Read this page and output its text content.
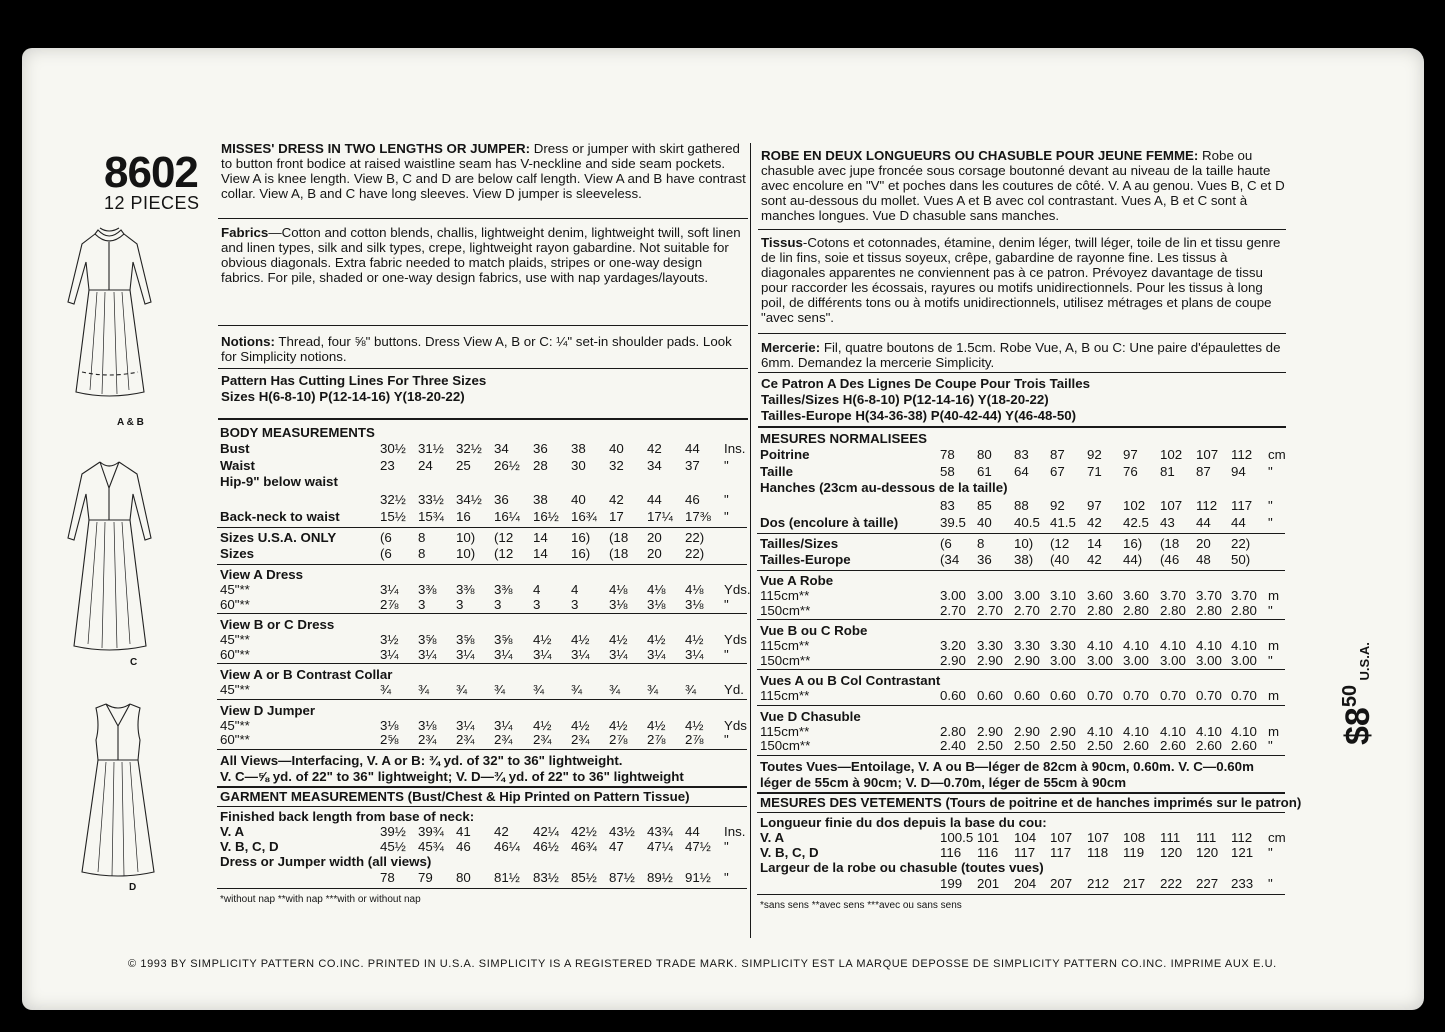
8602
12 PIECES
A & B
C
D
MISSES' DRESS IN TWO LENGTHS OR JUMPER: Dress or jumper with skirt gathered to button front bodice at raised waistline seam has V-neckline and side seam pockets. View A is knee length. View B, C and D are below calf length. View A and B have contrast collar. View A, B and C have long sleeves. View D jumper is sleeveless.
Fabrics—Cotton and cotton blends, challis, lightweight denim, lightweight twill, soft linen and linen types, silk and silk types, crepe, lightweight rayon gabardine. Not suitable for obvious diagonals. Extra fabric needed to match plaids, stripes or one-way design fabrics. For pile, shaded or one-way design fabrics, use with nap yardages/layouts.
Notions: Thread, four ⅝" buttons. Dress View A, B or C: ¼" set-in shoulder pads. Look for Simplicity notions.
Pattern Has Cutting Lines For Three Sizes
Sizes H(6-8-10) P(12-14-16) Y(18-20-22)
BODY MEASUREMENTS
Bust	30½ 31½ 32½ 34 36 38 40 42 44 Ins.
Waist	23 24 25 26½ 28 30 32 34 37 "
Hip-9" below waist
32½ 33½ 34½ 36 38 40 42 44 46 "
Back-neck to waist	15½ 15¾ 16 16¼ 16½ 16¾ 17 17¼ 17⅜ "
Sizes U.S.A. ONLY	(6 8 10) (12 14 16) (18 20 22)
Sizes	(6 8 10) (12 14 16) (18 20 22)
View A Dress
45"**	3¼ 3⅜ 3⅜ 3⅜ 4 4 4⅛ 4⅛ 4⅛ Yds.
60"**	2⅞ 3 3 3 3 3 3⅛ 3⅛ 3⅛ "
View B or C Dress
45"**	3½ 3⅝ 3⅝ 3⅝ 4½ 4½ 4½ 4½ 4½ Yds
60"**	3¼ 3¼ 3¼ 3¼ 3¼ 3¼ 3¼ 3¼ 3¼ "
View A or B Contrast Collar
45"**	¾ ¾ ¾ ¾ ¾ ¾ ¾ ¾ ¾ Yd.
View D Jumper
45"**	3⅛ 3⅛ 3¼ 3¼ 4½ 4½ 4½ 4½ 4½ Yds
60"**	2⅝ 2¾ 2¾ 2¾ 2¾ 2¾ 2⅞ 2⅞ 2⅞ "
All Views—Interfacing, V. A or B: ¾ yd. of 32" to 36" lightweight.
V. C—⅝ yd. of 22" to 36" lightweight; V. D—¾ yd. of 22" to 36" lightweight
GARMENT MEASUREMENTS (Bust/Chest & Hip Printed on Pattern Tissue)
Finished back length from base of neck:
V. A	39½ 39¾ 41 42 42¼ 42½ 43½ 43¾ 44 Ins.
V. B, C, D	45½ 45¾ 46 46¼ 46½ 46¾ 47 47¼ 47½ "
Dress or Jumper width (all views)
78 79 80 81½ 83½ 85½ 87½ 89½ 91½ "
*without nap **with nap ***with or without nap
ROBE EN DEUX LONGUEURS OU CHASUBLE POUR JEUNE FEMME: Robe ou chasuble avec jupe froncée sous corsage boutonné devant au niveau de la taille haute avec encolure en "V" et poches dans les coutures de côté. V. A au genou. Vues B, C et D sont au-dessous du mollet. Vues A et B avec col contrastant. Vues A, B et C sont à manches longues. Vue D chasuble sans manches.
Tissus-Cotons et cotonnades, étamine, denim léger, twill léger, toile de lin et tissu genre de lin fins, soie et tissus soyeux, crêpe, gabardine de rayonne fine. Les tissus à diagonales apparentes ne conviennent pas à ce patron. Prévoyez davantage de tissu pour raccorder les écossais, rayures ou motifs unidirectionnels. Pour les tissus à long poil, de différents tons ou à motifs unidirectionnels, utilisez métrages et plans de coupe "avec sens".
Mercerie: Fil, quatre boutons de 1.5cm. Robe Vue, A, B ou C: Une paire d'épaulettes de 6mm. Demandez la mercerie Simplicity.
Ce Patron A Des Lignes De Coupe Pour Trois Tailles
Tailles/Sizes H(6-8-10) P(12-14-16) Y(18-20-22)
Tailles-Europe H(34-36-38) P(40-42-44) Y(46-48-50)
MESURES NORMALISEES
Poitrine	78 80 83 87 92 97 102 107 112 cm
Taille	58 61 64 67 71 76 81 87 94 "
Hanches (23cm au-dessous de la taille)
83 85 88 92 97 102 107 112 117 "
Dos (encolure à taille)	39.5 40 40.5 41.5 42 42.5 43 44 44 "
Tailles/Sizes	(6 8 10) (12 14 16) (18 20 22)
Tailles-Europe	(34 36 38) (40 42 44) (46 48 50)
Vue A Robe
115cm**	3.00 3.00 3.00 3.10 3.60 3.60 3.70 3.70 3.70 m
150cm**	2.70 2.70 2.70 2.70 2.80 2.80 2.80 2.80 2.80 "
Vue B ou C Robe
115cm**	3.20 3.30 3.30 3.30 4.10 4.10 4.10 4.10 4.10 m
150cm**	2.90 2.90 2.90 3.00 3.00 3.00 3.00 3.00 3.00 "
Vues A ou B Col Contrastant
115cm**	0.60 0.60 0.60 0.60 0.70 0.70 0.70 0.70 0.70 m
Vue D Chasuble
115cm**	2.80 2.90 2.90 2.90 4.10 4.10 4.10 4.10 4.10 m
150cm**	2.40 2.50 2.50 2.50 2.50 2.60 2.60 2.60 2.60 "
Toutes Vues—Entoilage, V. A ou B—léger de 82cm à 90cm, 0.60m. V. C—0.60m
léger de 55cm à 90cm; V. D—0.70m, léger de 55cm à 90cm
MESURES DES VETEMENTS (Tours de poitrine et de hanches imprimés sur le patron)
Longueur finie du dos depuis la base du cou:
V. A	100.5 101 104 107 107 108 111 111 112 cm
V. B, C, D	116 116 117 117 118 119 120 120 121 "
Largeur de la robe ou chasuble (toutes vues)
199 201 204 207 212 217 222 227 233 "
*sans sens **avec sens ***avec ou sans sens
$850 U.S.A.
© 1993 BY SIMPLICITY PATTERN CO.INC. PRINTED IN U.S.A. SIMPLICITY IS A REGISTERED TRADE MARK. SIMPLICITY EST LA MARQUE DEPOSSE DE SIMPLICITY PATTERN CO.INC. IMPRIME AUX E.U.
